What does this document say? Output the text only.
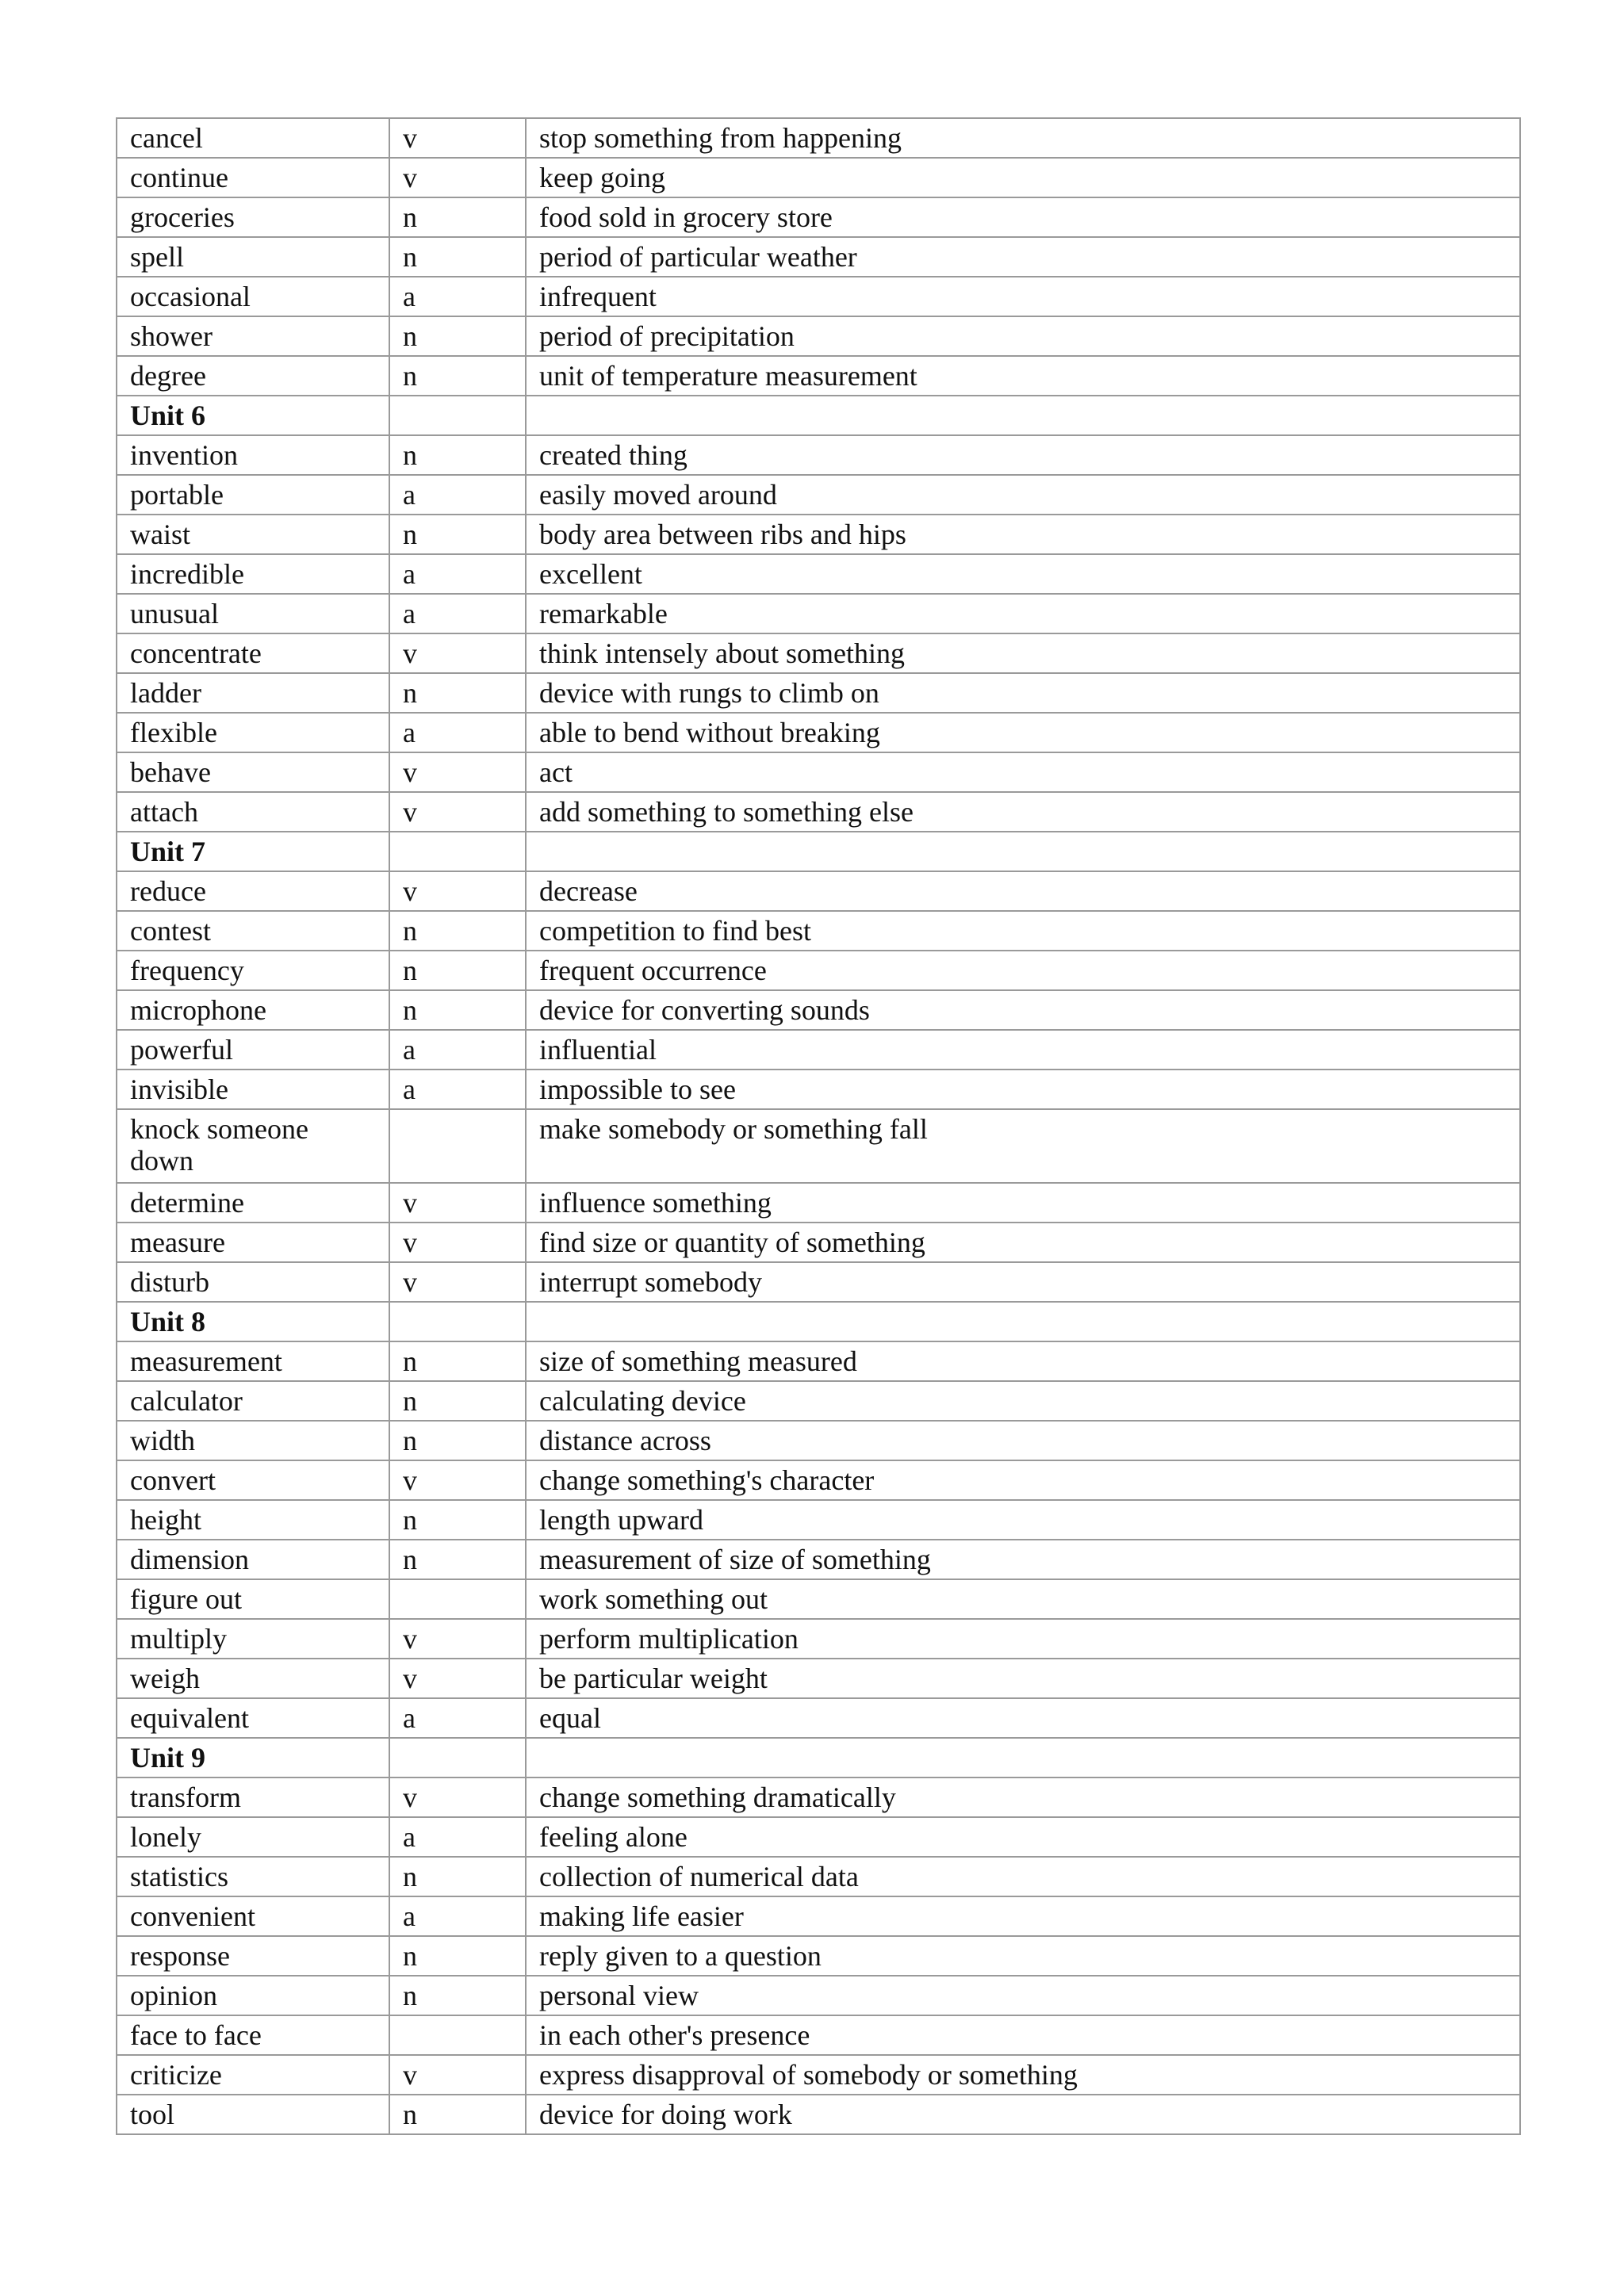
cancel	v	stop something from happening
continue	v	keep going
groceries	n	food sold in grocery store
spell	n	period of particular weather
occasional	a	infrequent
shower	n	period of precipitation
degree	n	unit of temperature measurement
Unit 6		
invention	n	created thing
portable	a	easily moved around
waist	n	body area between ribs and hips
incredible	a	excellent
unusual	a	remarkable
concentrate	v	think intensely about something
ladder	n	device with rungs to climb on
flexible	a	able to bend without breaking
behave	v	act
attach	v	add something to something else
Unit 7		
reduce	v	decrease
contest	n	competition to find best
frequency	n	frequent occurrence
microphone	n	device for converting sounds
powerful	a	influential
invisible	a	impossible to see
knock someone down		make somebody or something fall
determine	v	influence something
measure	v	find size or quantity of something
disturb	v	interrupt somebody
Unit 8		
measurement	n	size of something measured
calculator	n	calculating device
width	n	distance across
convert	v	change something's character
height	n	length upward
dimension	n	measurement of size of something
figure out		work something out
multiply	v	perform multiplication
weigh	v	be particular weight
equivalent	a	equal
Unit 9		
transform	v	change something dramatically
lonely	a	feeling alone
statistics	n	collection of numerical data
convenient	a	making life easier
response	n	reply given to a question
opinion	n	personal view
face to face		in each other's presence
criticize	v	express disapproval of somebody or something
tool	n	device for doing work
